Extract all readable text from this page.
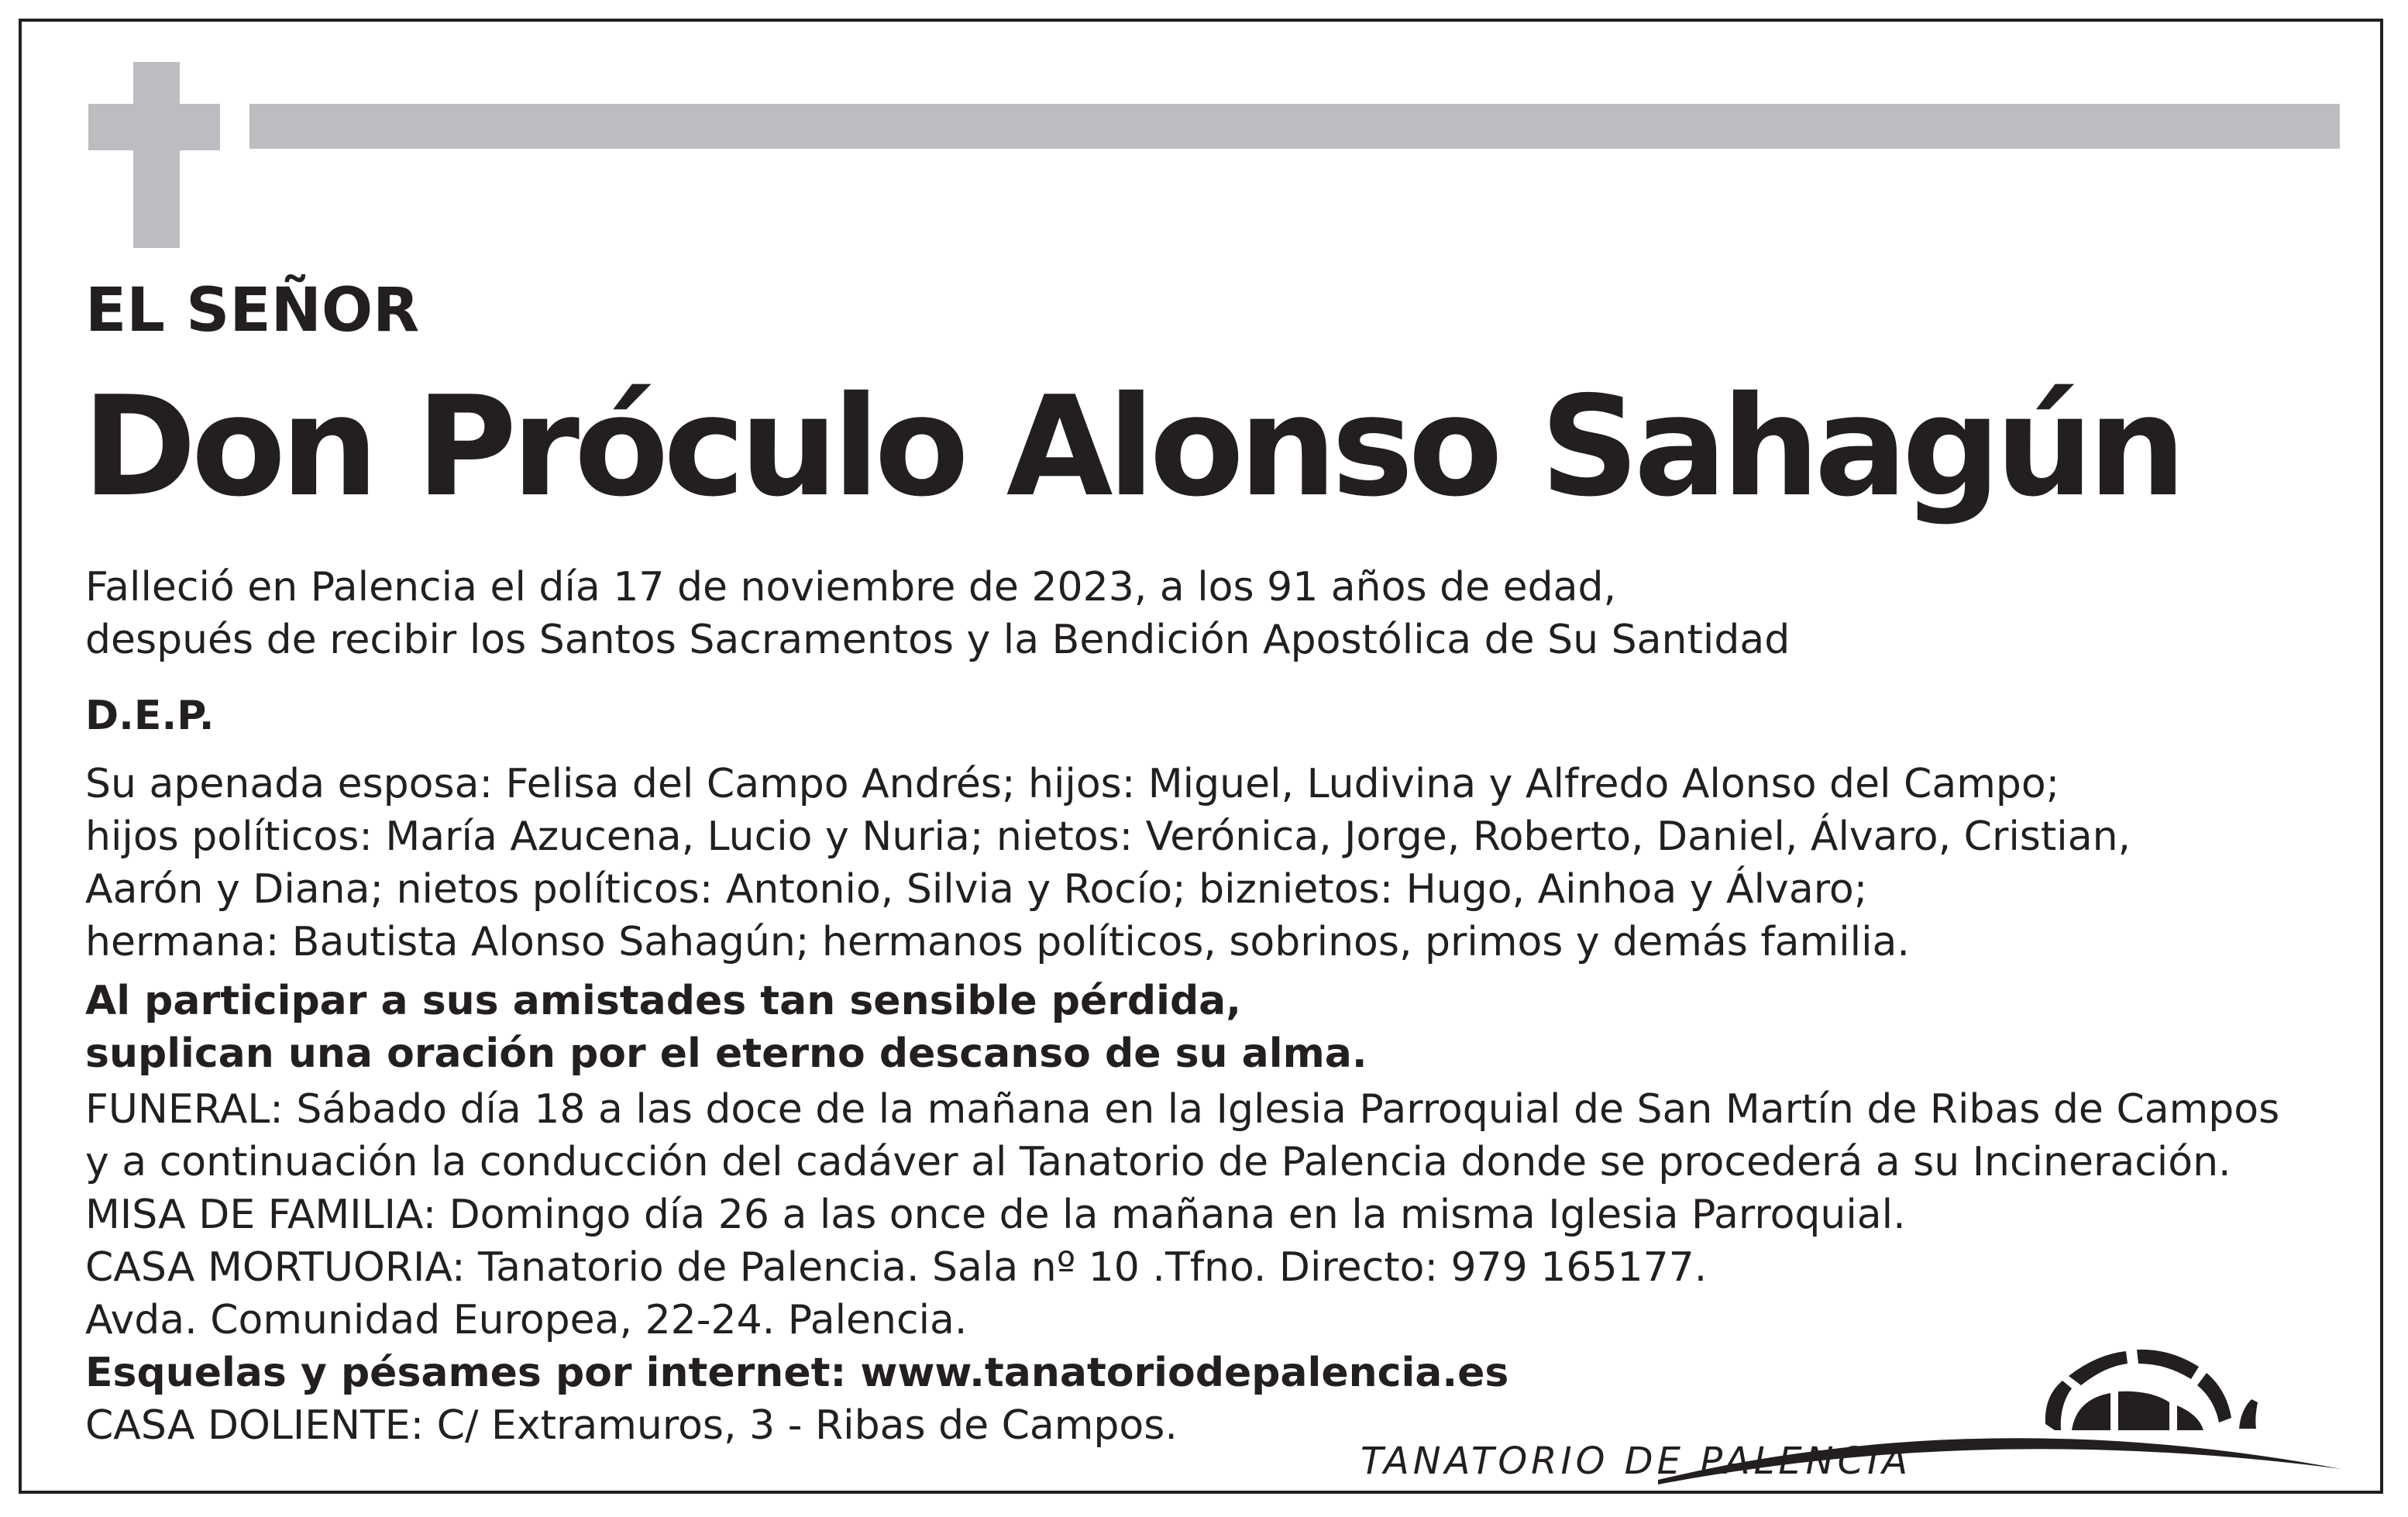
EL SEÑOR
Don Próculo Alonso Sahagún

Falleció en Palencia el día 17 de noviembre de 2023, a los 91 años de edad,
después de recibir los Santos Sacramentos y la Bendición Apostólica de Su Santidad

D.E.P.

Su apenada esposa: Felisa del Campo Andrés; hijos: Miguel, Ludivina y Alfredo Alonso del Campo;
hijos políticos: María Azucena, Lucio y Nuria; nietos: Verónica, Jorge, Roberto, Daniel, Álvaro, Cristian,
Aarón y Diana; nietos políticos: Antonio, Silvia y Rocío; biznietos: Hugo, Ainhoa y Álvaro;
hermana: Bautista Alonso Sahagún; hermanos políticos, sobrinos, primos y demás familia.

Al participar a sus amistades tan sensible pérdida,
suplican una oración por el eterno descanso de su alma.

FUNERAL: Sábado día 18 a las doce de la mañana en la Iglesia Parroquial de San Martín de Ribas de Campos
y a continuación la conducción del cadáver al Tanatorio de Palencia donde se procederá a su Incineración.
MISA DE FAMILIA: Domingo día 26 a las once de la mañana en la misma Iglesia Parroquial.
CASA MORTUORIA: Tanatorio de Palencia. Sala nº 10 .Tfno. Directo: 979 165177.
Avda. Comunidad Europea, 22-24. Palencia.
Esquelas y pésames por internet: www.tanatoriodepalencia.es
CASA DOLIENTE: C/ Extramuros, 3 - Ribas de Campos.

TANATORIO DE PALENCIA
